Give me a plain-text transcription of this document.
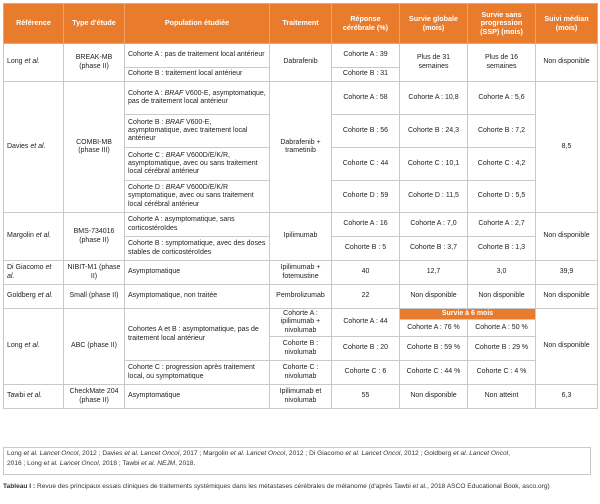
Référence	Type d'étude	Population étudiée	Traitement	Réponse cérébrale (%)	Survie globale (mois)	Survie sans progression (SSP) (mois)	Suivi médian (mois)
Long et al.	BREAK-MB (phase II)	Cohorte A : pas de traitement local antérieur	Dabrafenib	Cohorte A : 39	Plus de 31 semaines	Plus de 16 semaines	Non disponible
		Cohorte B : traitement local antérieur		Cohorte B : 31			
Davies et al.	COMBI-MB (phase III)	Cohorte A : BRAF V600-E, asymptomatique, pas de traitement local antérieur	Dabrafenib + trametinib	Cohorte A : 58	Cohorte A : 10,8	Cohorte A : 5,6	8,5
		Cohorte B : BRAF V600-E, asymptomatique, avec traitement local antérieur		Cohorte B : 56	Cohorte B : 24,3	Cohorte B : 7,2	
		Cohorte C : BRAF V600D/E/K/R, asymptomatique, avec ou sans traitement local cérébral antérieur		Cohorte C : 44	Cohorte C : 10,1	Cohorte C : 4,2	
		Cohorte D : BRAF V600D/E/K/R symptomatique, avec ou sans traitement local cérébral antérieur		Cohorte D : 59	Cohorte D : 11,5	Cohorte D : 5,5	
Margolin et al.	BMS-734016 (phase II)	Cohorte A : asymptomatique, sans corticostéroïdes	Ipilimumab	Cohorte A : 16	Cohorte A : 7,0	Cohorte A : 2,7	Non disponible
		Cohorte B : symptomatique, avec des doses stables de corticostéroïdes		Cohorte B : 5	Cohorte B : 3,7	Cohorte B : 1,3	
Di Giacomo et al.	NIBIT-M1 (phase II)	Asymptomatique	Ipilimumab + fotemustine	40	12,7	3,0	39,9
Goldberg et al.	Small (phase II)	Asymptomatique, non traitée	Pembrolizumab	22	Non disponible	Non disponible	Non disponible
Long et al.	ABC (phase II)	Cohortes A et B : asymptomatique, pas de traitement local antérieur	Cohorte A : ipilimumab + nivolumab	Cohorte A : 44	Survie à 6 mois		Non disponible
					Cohorte A : 76 %	Cohorte A : 50 %	
			Cohorte B : nivolumab	Cohorte B : 20	Cohorte B : 59 %	Cohorte B : 29 %	
		Cohorte C : progression après traitement local, ou symptomatique	Cohorte C : nivolumab	Cohorte C : 6	Cohorte C : 44 %	Cohorte C : 4 %	

Tawbi et al.	CheckMate 204 (phase II)	Asymptomatique	Ipilimumab et nivolumab	55	Non disponible	Non atteint	6,3
Long et al. Lancet Oncol, 2012 ; Davies et al. Lancet Oncol, 2017 ; Margolin et al. Lancet Oncol, 2012 ; Di Giacomo et al. Lancet Oncol, 2012 ; Goldberg et al. Lancet Oncol,
2016 ; Long et al. Lancet Oncol, 2018 ; Tawbi et al. NEJM, 2018.
Tableau I : Revue des principaux essais cliniques de traitements systémiques dans les métastases cérébrales de mélanome (d'après Tawbi et al., 2018 ASCO Educational Book, asco.org)
